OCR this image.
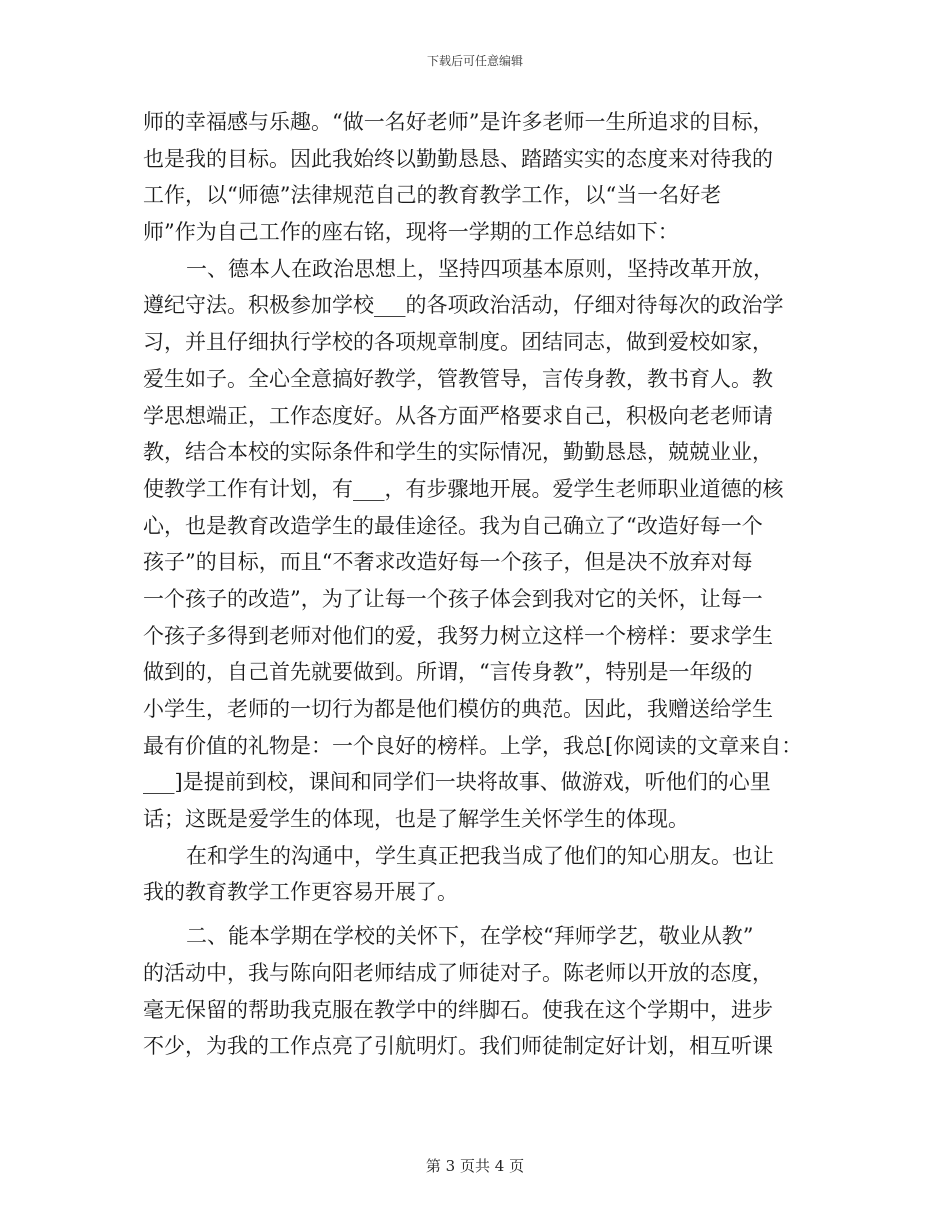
下载后可任意编辑
师的幸福感与乐趣。“做一名好老师”是许多老师一生所追求的目标，
也是我的目标。因此我始终以勤勤恳恳、踏踏实实的态度来对待我的
工作，以“师德”法律规范自己的教育教学工作，以“当一名好老
师”作为自己工作的座右铭，现将一学期的工作总结如下：
一、德本人在政治思想上，坚持四项基本原则，坚持改革开放，
遵纪守法。积极参加学校___的各项政治活动，仔细对待每次的政治学
习，并且仔细执行学校的各项规章制度。团结同志，做到爱校如家，
爱生如子。全心全意搞好教学，管教管导，言传身教，教书育人。教
学思想端正，工作态度好。从各方面严格要求自己，积极向老老师请
教，结合本校的实际条件和学生的实际情况，勤勤恳恳，兢兢业业，
使教学工作有计划，有___，有步骤地开展。爱学生老师职业道德的核
心，也是教育改造学生的最佳途径。我为自己确立了“改造好每一个
孩子”的目标，而且“不奢求改造好每一个孩子，但是决不放弃对每
一个孩子的改造”，为了让每一个孩子体会到我对它的关怀，让每一
个孩子多得到老师对他们的爱，我努力树立这样一个榜样：要求学生
做到的，自己首先就要做到。所谓，“言传身教”，特别是一年级的
小学生，老师的一切行为都是他们模仿的典范。因此，我赠送给学生
最有价值的礼物是：一个良好的榜样。上学，我总[你阅读的文章来自：
___]是提前到校，课间和同学们一块将故事、做游戏，听他们的心里
话；这既是爱学生的体现，也是了解学生关怀学生的体现。
在和学生的沟通中，学生真正把我当成了他们的知心朋友。也让
我的教育教学工作更容易开展了。
二、能本学期在学校的关怀下，在学校“拜师学艺，敬业从教”
的活动中，我与陈向阳老师结成了师徒对子。陈老师以开放的态度，
毫无保留的帮助我克服在教学中的绊脚石。使我在这个学期中，进步
不少，为我的工作点亮了引航明灯。我们师徒制定好计划，相互听课
第 3 页共 4 页
